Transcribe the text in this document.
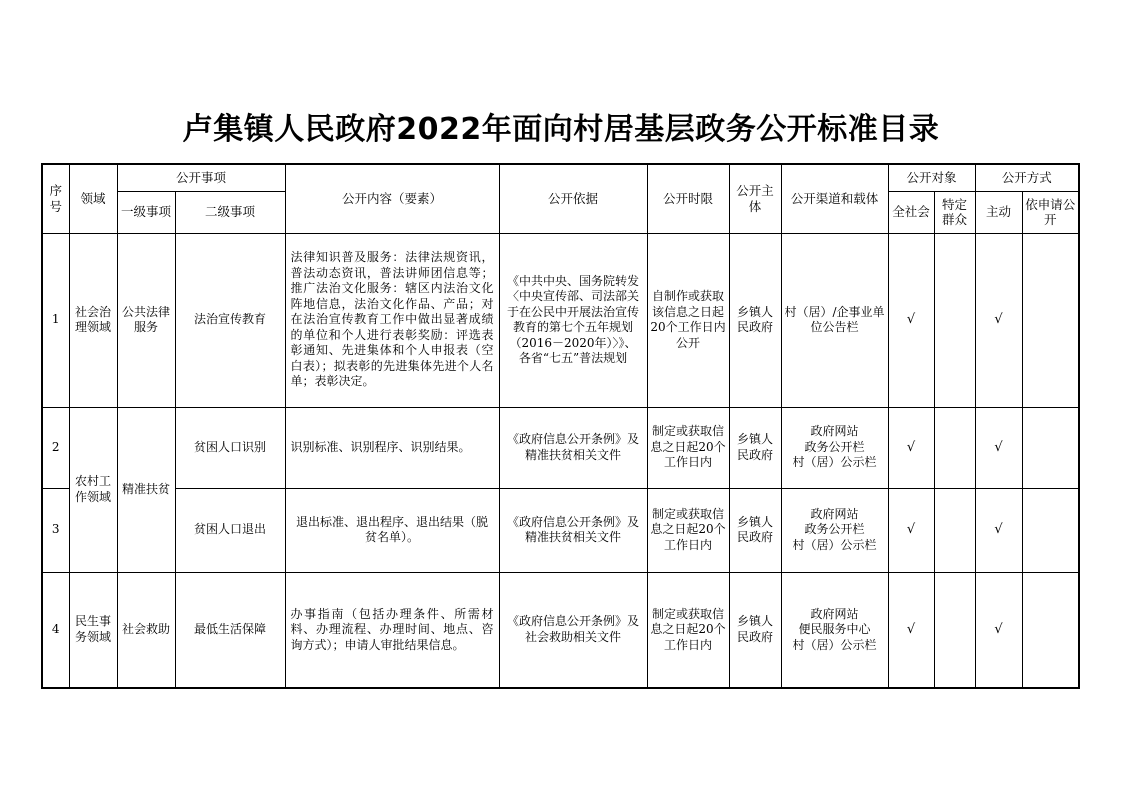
卢集镇人民政府2022年面向村居基层政务公开标准目录
序号	领域	公开事项		公开内容（要素）	公开依据	公开时限	公开主体	公开渠道和载体	公开对象		公开方式	
		一级事项	二级事项						全社会	特定群众	主动	依申请公开
1	社会治理领域	公共法律服务	法治宣传教育	法律知识普及服务：法律法规资讯，普法动态资讯，普法讲师团信息等；推广法治文化服务：辖区内法治文化阵地信息，法治文化作品、产品；对在法治宣传教育工作中做出显著成绩的单位和个人进行表彰奖励：评选表彰通知、先进集体和个人申报表（空白表）；拟表彰的先进集体先进个人名单；表彰决定。	《中共中央、国务院转发〈中央宣传部、司法部关于在公民中开展法治宣传教育的第七个五年规划（2016－2020年）〉》、各省“七五”普法规划	自制作或获取该信息之日起20个工作日内公开	乡镇人民政府	村（居）/企事业单位公告栏	√		√	
2	农村工作领域	精准扶贫	贫困人口识别	识别标准、识别程序、识别结果。	《政府信息公开条例》及精准扶贫相关文件	制定或获取信息之日起20个工作日内	乡镇人民政府	政府网站
政务公开栏
村（居）公示栏	√		√	
3			贫困人口退出	退出标准、退出程序、退出结果（脱贫名单）。	《政府信息公开条例》及精准扶贫相关文件	制定或获取信息之日起20个工作日内	乡镇人民政府	政府网站
政务公开栏
村（居）公示栏	√		√	
4	民生事务领域	社会救助	最低生活保障	办事指南（包括办理条件、所需材料、办理流程、办理时间、地点、咨询方式）；申请人审批结果信息。	《政府信息公开条例》及社会救助相关文件	制定或获取信息之日起20个工作日内	乡镇人民政府	政府网站
便民服务中心
村（居）公示栏	√		√	
